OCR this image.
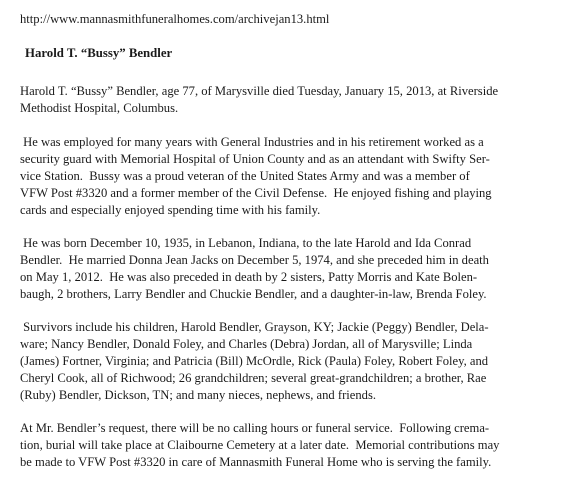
http://www.mannasmithfuneralhomes.com/archivejan13.html
Harold T. “Bussy” Bendler
Harold T. “Bussy” Bendler, age 77, of Marysville died Tuesday, January 15, 2013, at Riverside
Methodist Hospital, Columbus.
He was employed for many years with General Industries and in his retirement worked as a
security guard with Memorial Hospital of Union County and as an attendant with Swifty Ser-
vice Station.  Bussy was a proud veteran of the United States Army and was a member of
VFW Post #3320 and a former member of the Civil Defense.  He enjoyed fishing and playing
cards and especially enjoyed spending time with his family.
He was born December 10, 1935, in Lebanon, Indiana, to the late Harold and Ida Conrad
Bendler.  He married Donna Jean Jacks on December 5, 1974, and she preceded him in death
on May 1, 2012.  He was also preceded in death by 2 sisters, Patty Morris and Kate Bolen-
baugh, 2 brothers, Larry Bendler and Chuckie Bendler, and a daughter-in-law, Brenda Foley.
Survivors include his children, Harold Bendler, Grayson, KY; Jackie (Peggy) Bendler, Dela-
ware; Nancy Bendler, Donald Foley, and Charles (Debra) Jordan, all of Marysville; Linda
(James) Fortner, Virginia; and Patricia (Bill) McOrdle, Rick (Paula) Foley, Robert Foley, and
Cheryl Cook, all of Richwood; 26 grandchildren; several great-grandchildren; a brother, Rae
(Ruby) Bendler, Dickson, TN; and many nieces, nephews, and friends.
At Mr. Bendler’s request, there will be no calling hours or funeral service.  Following crema-
tion, burial will take place at Claibourne Cemetery at a later date.  Memorial contributions may
be made to VFW Post #3320 in care of Mannasmith Funeral Home who is serving the family.
